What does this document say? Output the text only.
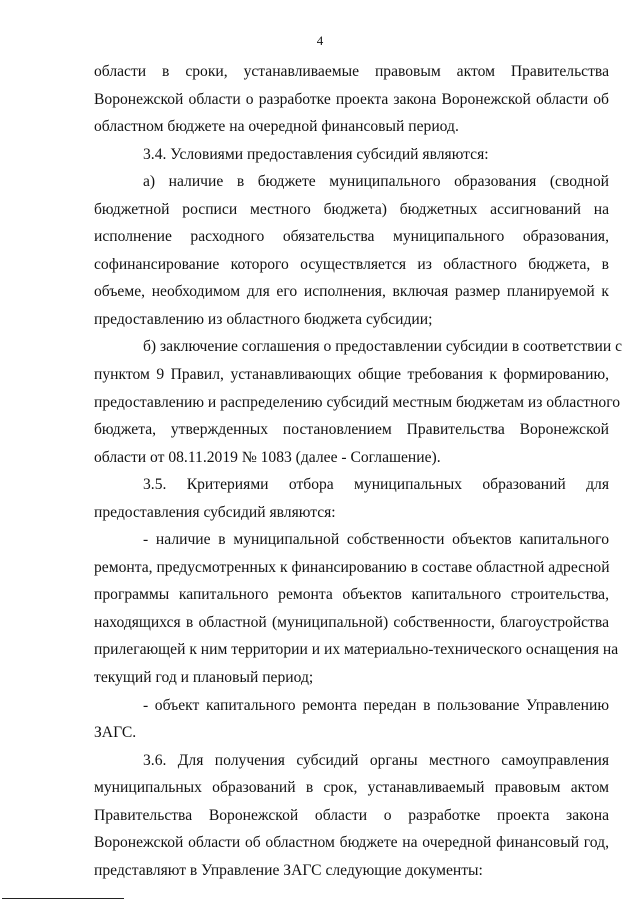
4
области в сроки, устанавливаемые правовым актом Правительства
Воронежской области о разработке проекта закона Воронежской области об
областном бюджете на очередной финансовый период.
3.4. Условиями предоставления субсидий являются:
а) наличие в бюджете муниципального образования (сводной
бюджетной росписи местного бюджета) бюджетных ассигнований на
исполнение расходного обязательства муниципального образования,
софинансирование которого осуществляется из областного бюджета, в
объеме, необходимом для его исполнения, включая размер планируемой к
предоставлению из областного бюджета субсидии;
б) заключение соглашения о предоставлении субсидии в соответствии с
пунктом 9 Правил, устанавливающих общие требования к формированию,
предоставлению и распределению субсидий местным бюджетам из областного
бюджета, утвержденных постановлением Правительства Воронежской
области от 08.11.2019 № 1083 (далее - Соглашение).
3.5. Критериями отбора муниципальных образований для
предоставления субсидий являются:
- наличие в муниципальной собственности объектов капитального
ремонта, предусмотренных к финансированию в составе областной адресной
программы капитального ремонта объектов капитального строительства,
находящихся в областной (муниципальной) собственности, благоустройства
прилегающей к ним территории и их материально-технического оснащения на
текущий год и плановый период;
- объект капитального ремонта передан в пользование Управлению
ЗАГС.
3.6. Для получения субсидий органы местного самоуправления
муниципальных образований в срок, устанавливаемый правовым актом
Правительства Воронежской области о разработке проекта закона
Воронежской области об областном бюджете на очередной финансовый год,
представляют в Управление ЗАГС следующие документы:
